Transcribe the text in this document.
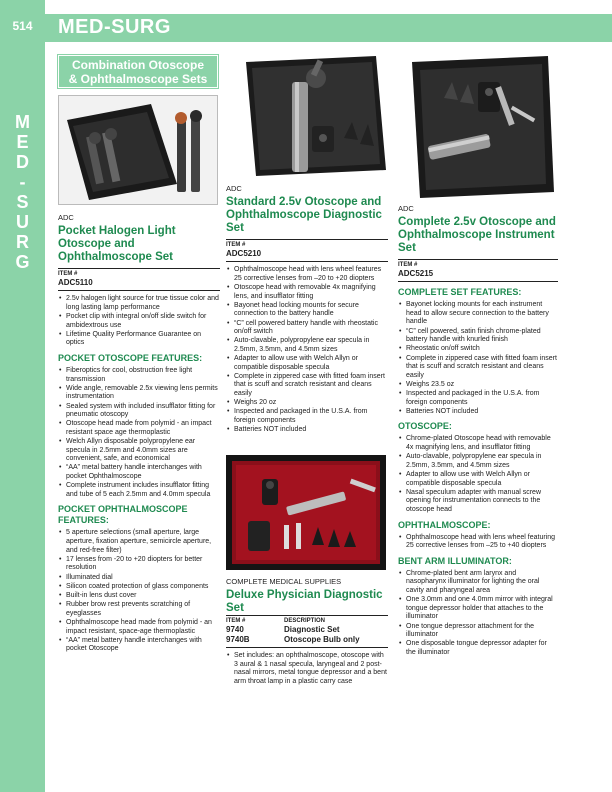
514
M
E
D
-
S
U
R
G
MED-SURG
Combination Otoscope
& Ophthalmoscope Sets
ADC
Pocket Halogen Light Otoscope and Ophthalmoscope Set
ITEM #
ADC5110
• 2.5v halogen light source for true tissue color and long lasting lamp performance
• Pocket clip with integral on/off slide switch for ambidextrous use
• Lifetime Quality Performance Guarantee on optics
POCKET OTOSCOPE FEATURES:
• Fiberoptics for cool, obstruction free light transmission
• Wide angle, removable 2.5x viewing lens permits instrumentation
• Sealed system with included insufflator fitting for pneumatic otoscopy
• Otoscope head made from polymid - an impact resistant space age thermoplastic
• Welch Allyn disposable polypropylene ear specula in 2.5mm and 4.0mm sizes are convenient, safe, and economical
• “AA” metal battery handle interchanges with pocket Ophthalmoscope
• Complete instrument includes insufflator fitting and tube of 5 each 2.5mm and 4.0mm specula
POCKET OPHTHALMOSCOPE FEATURES:
• 5 aperture selections (small aperture, large aperture, fixation aperture, semicircle aperture, and red-free filter)
• 17 lenses from -20 to +20 diopters for better resolution
• Illuminated dial
• Silicon coated protection of glass components
• Built-in lens dust cover
• Rubber brow rest prevents scratching of eyeglasses
• Ophthalmoscope head made from polymid - an impact resistant, space-age thermoplastic
• “AA” metal battery handle interchanges with pocket Otoscope
ADC
Standard 2.5v Otoscope and Ophthalmoscope Diagnostic Set
ITEM #
ADC5210
• Ophthalmoscope head with lens wheel features 25 corrective lenses from –20 to +20 diopters
• Otoscope head with removable 4x magnifying lens, and insufflator fitting
• Bayonet head locking mounts for secure connection to the battery handle
• “C” cell powered battery handle with rheostatic on/off switch
• Auto-clavable, polypropylene ear specula in 2.5mm, 3.5mm, and 4.5mm sizes
• Adapter to allow use with Welch Allyn or compatible disposable specula
• Complete in zippered case with fitted foam insert that is scuff and scratch resistant and cleans easily
• Weighs 20 oz
• Inspected and packaged in the U.S.A. from foreign components
• Batteries NOT included
COMPLETE MEDICAL SUPPLIES
Deluxe Physician Diagnostic Set
ITEM #	DESCRIPTION
9740	Diagnostic Set
9740B	Otoscope Bulb only
• Set includes: an ophthalmoscope, otoscope with 3 aural & 1 nasal specula, laryngeal and 2 post-nasal mirrors, metal tongue depressor and a bent arm throat lamp in a plastic carry case
ADC
Complete 2.5v Otoscope and Ophthalmoscope Instrument Set
ITEM #
ADC5215
COMPLETE SET FEATURES:
• Bayonet locking mounts for each instrument head to allow secure connection to the battery handle
• “C” cell powered, satin finish chrome-plated battery handle with knurled finish
• Rheostatic on/off switch
• Complete in zippered case with fitted foam insert that is scuff and scratch resistant and cleans easily
• Weighs 23.5 oz
• Inspected and packaged in the U.S.A. from foreign components
• Batteries NOT included
OTOSCOPE:
• Chrome-plated Otoscope head with removable 4x magnifying lens, and insufflator fitting
• Auto-clavable, polypropylene ear specula in 2.5mm, 3.5mm, and 4.5mm sizes
• Adapter to allow use with Welch Allyn or compatible disposable specula
• Nasal speculum adapter with manual screw opening for instrumentation connects to the otoscope head
OPHTHALMOSCOPE:
• Ophthalmoscope head with lens wheel featuring 25 corrective lenses from –25 to +40 diopters
BENT ARM ILLUMINATOR:
• Chrome-plated bent arm larynx and nasopharynx illuminator for lighting the oral cavity and pharyngeal area
• One 3.0mm and one 4.0mm mirror with integral tongue depressor holder that attaches to the illuminator
• One tongue depressor attachment for the illuminator
• One disposable tongue depressor adapter for the illuminator
